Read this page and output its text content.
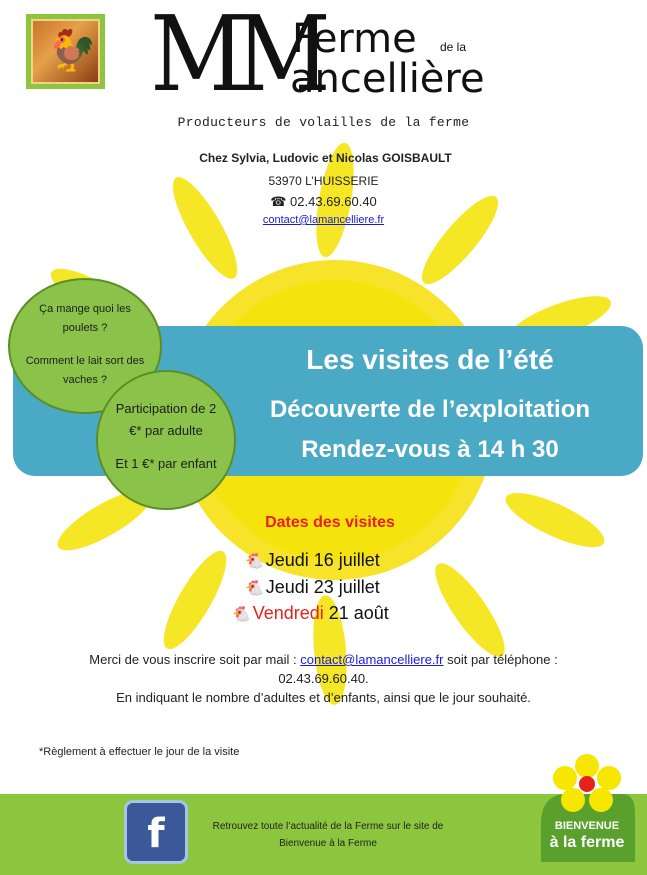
🐓 MM
Ferme de la
ancellière
Producteurs de volailles de la ferme
Chez Sylvia, Ludovic et Nicolas GOISBAULT
53970 L’HUISSERIE
☎ 02.43.69.60.40
contact@lamancelliere.fr
Les visites de l’été
Découverte de l’exploitation
Rendez-vous à 14 h 30
Ça mange quoi les poulets ?
Comment le lait sort des vaches ?
Participation de 2 €* par adulte
Et 1 €* par enfant
Dates des visites
🐔 Jeudi 16 juillet
🐔 Jeudi 23 juillet
🐔 Vendredi 21 août
Merci de vous inscrire soit par mail : contact@lamancelliere.fr soit par téléphone :
02.43.69.60.40.
En indiquant le nombre d’adultes et d’enfants, ainsi que le jour souhaité.
*Règlement à effectuer le jour de la visite
f	Retrouvez toute l’actualité de la Ferme sur le site de
Bienvenue à la Ferme
BIENVENUE
à la ferme
